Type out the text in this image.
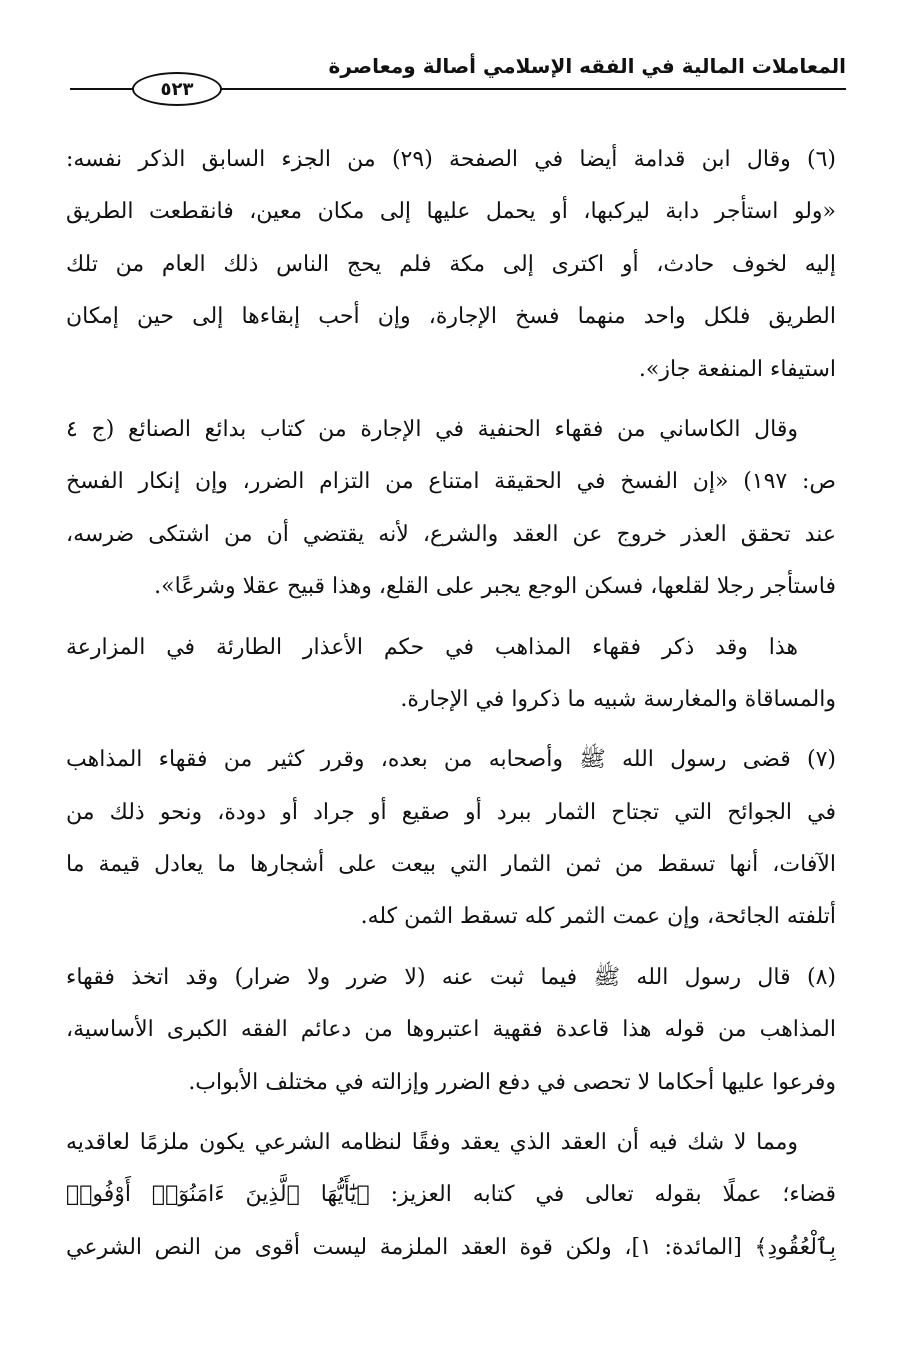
المعاملات المالية في الفقه الإسلامي أصالة ومعاصرة
٥٢٣
(٦) وقال ابن قدامة أيضا في الصفحة (٢٩) من الجزء السابق الذكر نفسه:
«ولو استأجر دابة ليركبها، أو يحمل عليها إلى مكان معين، فانقطعت الطريق
إليه لخوف حادث، أو اكترى إلى مكة فلم يحج الناس ذلك العام من تلك
الطريق فلكل واحد منهما فسخ الإجارة، وإن أحب إبقاءها إلى حين إمكان
استيفاء المنفعة جاز».
وقال الكاساني من فقهاء الحنفية في الإجارة من كتاب بدائع الصنائع (ج ٤
ص: ١٩٧) «إن الفسخ في الحقيقة امتناع من التزام الضرر، وإن إنكار الفسخ
عند تحقق العذر خروج عن العقد والشرع، لأنه يقتضي أن من اشتكى ضرسه،
فاستأجر رجلا لقلعها، فسكن الوجع يجبر على القلع، وهذا قبيح عقلا وشرعًا».
هذا وقد ذكر فقهاء المذاهب في حكم الأعذار الطارئة في المزارعة
والمساقاة والمغارسة شبيه ما ذكروا في الإجارة.
(٧) قضى رسول الله ﷺ وأصحابه من بعده، وقرر كثير من فقهاء المذاهب
في الجوائح التي تجتاح الثمار ببرد أو صقيع أو جراد أو دودة، ونحو ذلك من
الآفات، أنها تسقط من ثمن الثمار التي بيعت على أشجارها ما يعادل قيمة ما
أتلفته الجائحة، وإن عمت الثمر كله تسقط الثمن كله.
(٨) قال رسول الله ﷺ فيما ثبت عنه (لا ضرر ولا ضرار) وقد اتخذ فقهاء
المذاهب من قوله هذا قاعدة فقهية اعتبروها من دعائم الفقه الكبرى الأساسية،
وفرعوا عليها أحكاما لا تحصى في دفع الضرر وإزالته في مختلف الأبواب.
ومما لا شك فيه أن العقد الذي يعقد وفقًا لنظامه الشرعي يكون ملزمًا لعاقديه
قضاء؛ عملًا بقوله تعالى في كتابه العزيز: ﴿يَٰٓأَيُّهَا ٱلَّذِينَ ءَامَنُوٓا۟ أَوْفُوا۟
بِٱلْعُقُودِ﴾ [المائدة: ١]، ولكن قوة العقد الملزمة ليست أقوى من النص الشرعي
